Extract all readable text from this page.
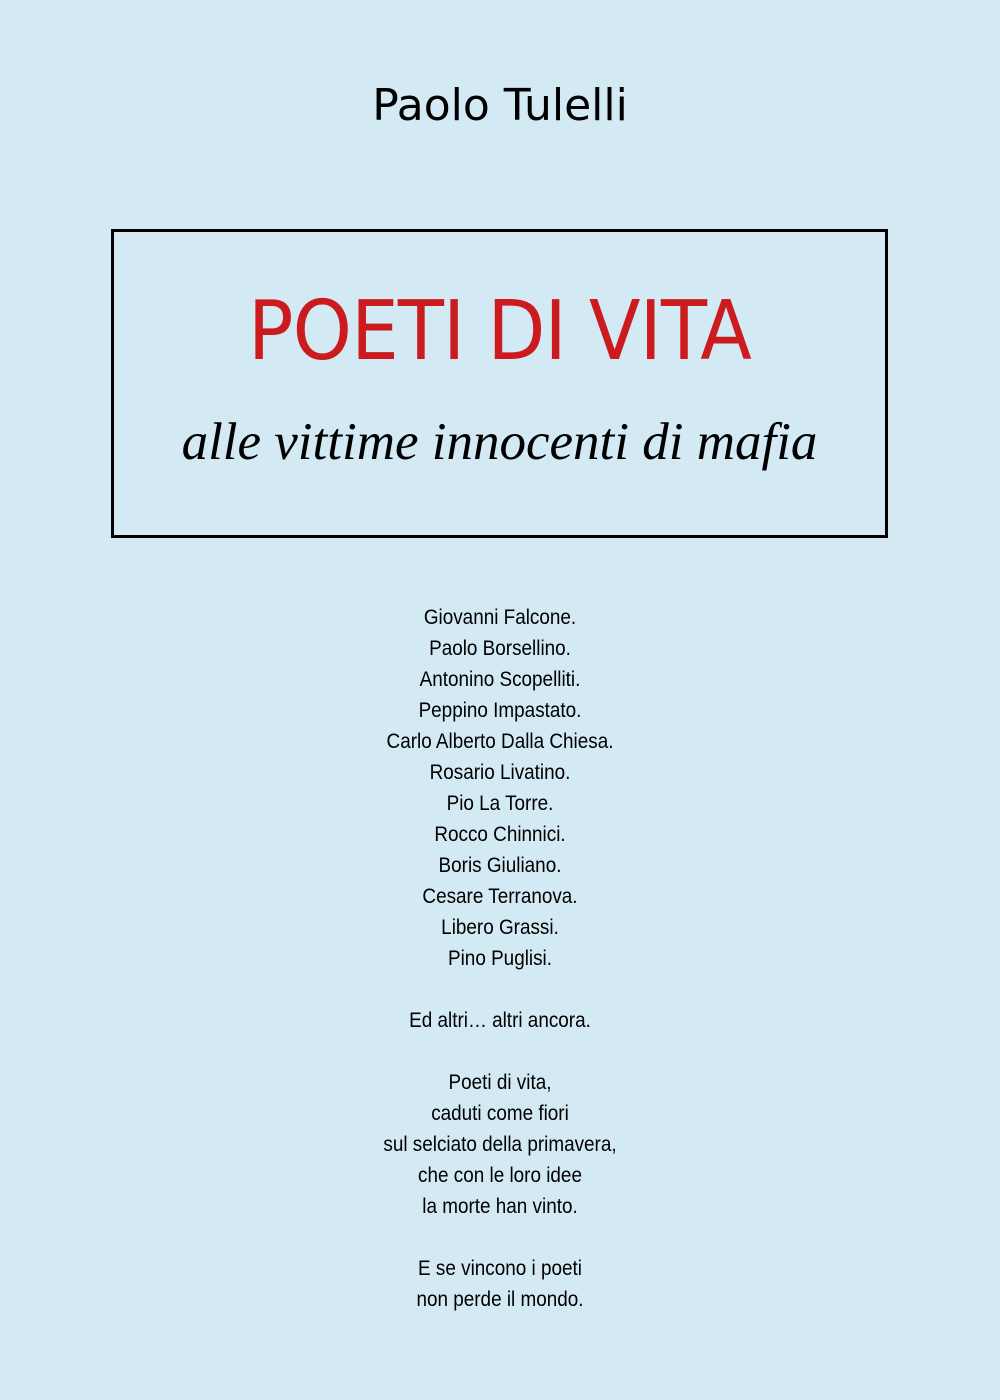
Paolo Tulelli
POETI DI VITA
alle vittime innocenti di mafia
Giovanni Falcone.
Paolo Borsellino.
Antonino Scopelliti.
Peppino Impastato.
Carlo Alberto Dalla Chiesa.
Rosario Livatino.
Pio La Torre.
Rocco Chinnici.
Boris Giuliano.
Cesare Terranova.
Libero Grassi.
Pino Puglisi.
Ed altri… altri ancora.
Poeti di vita,
caduti come fiori
sul selciato della primavera,
che con le loro idee
la morte han vinto.
E se vincono i poeti
non perde il mondo.
